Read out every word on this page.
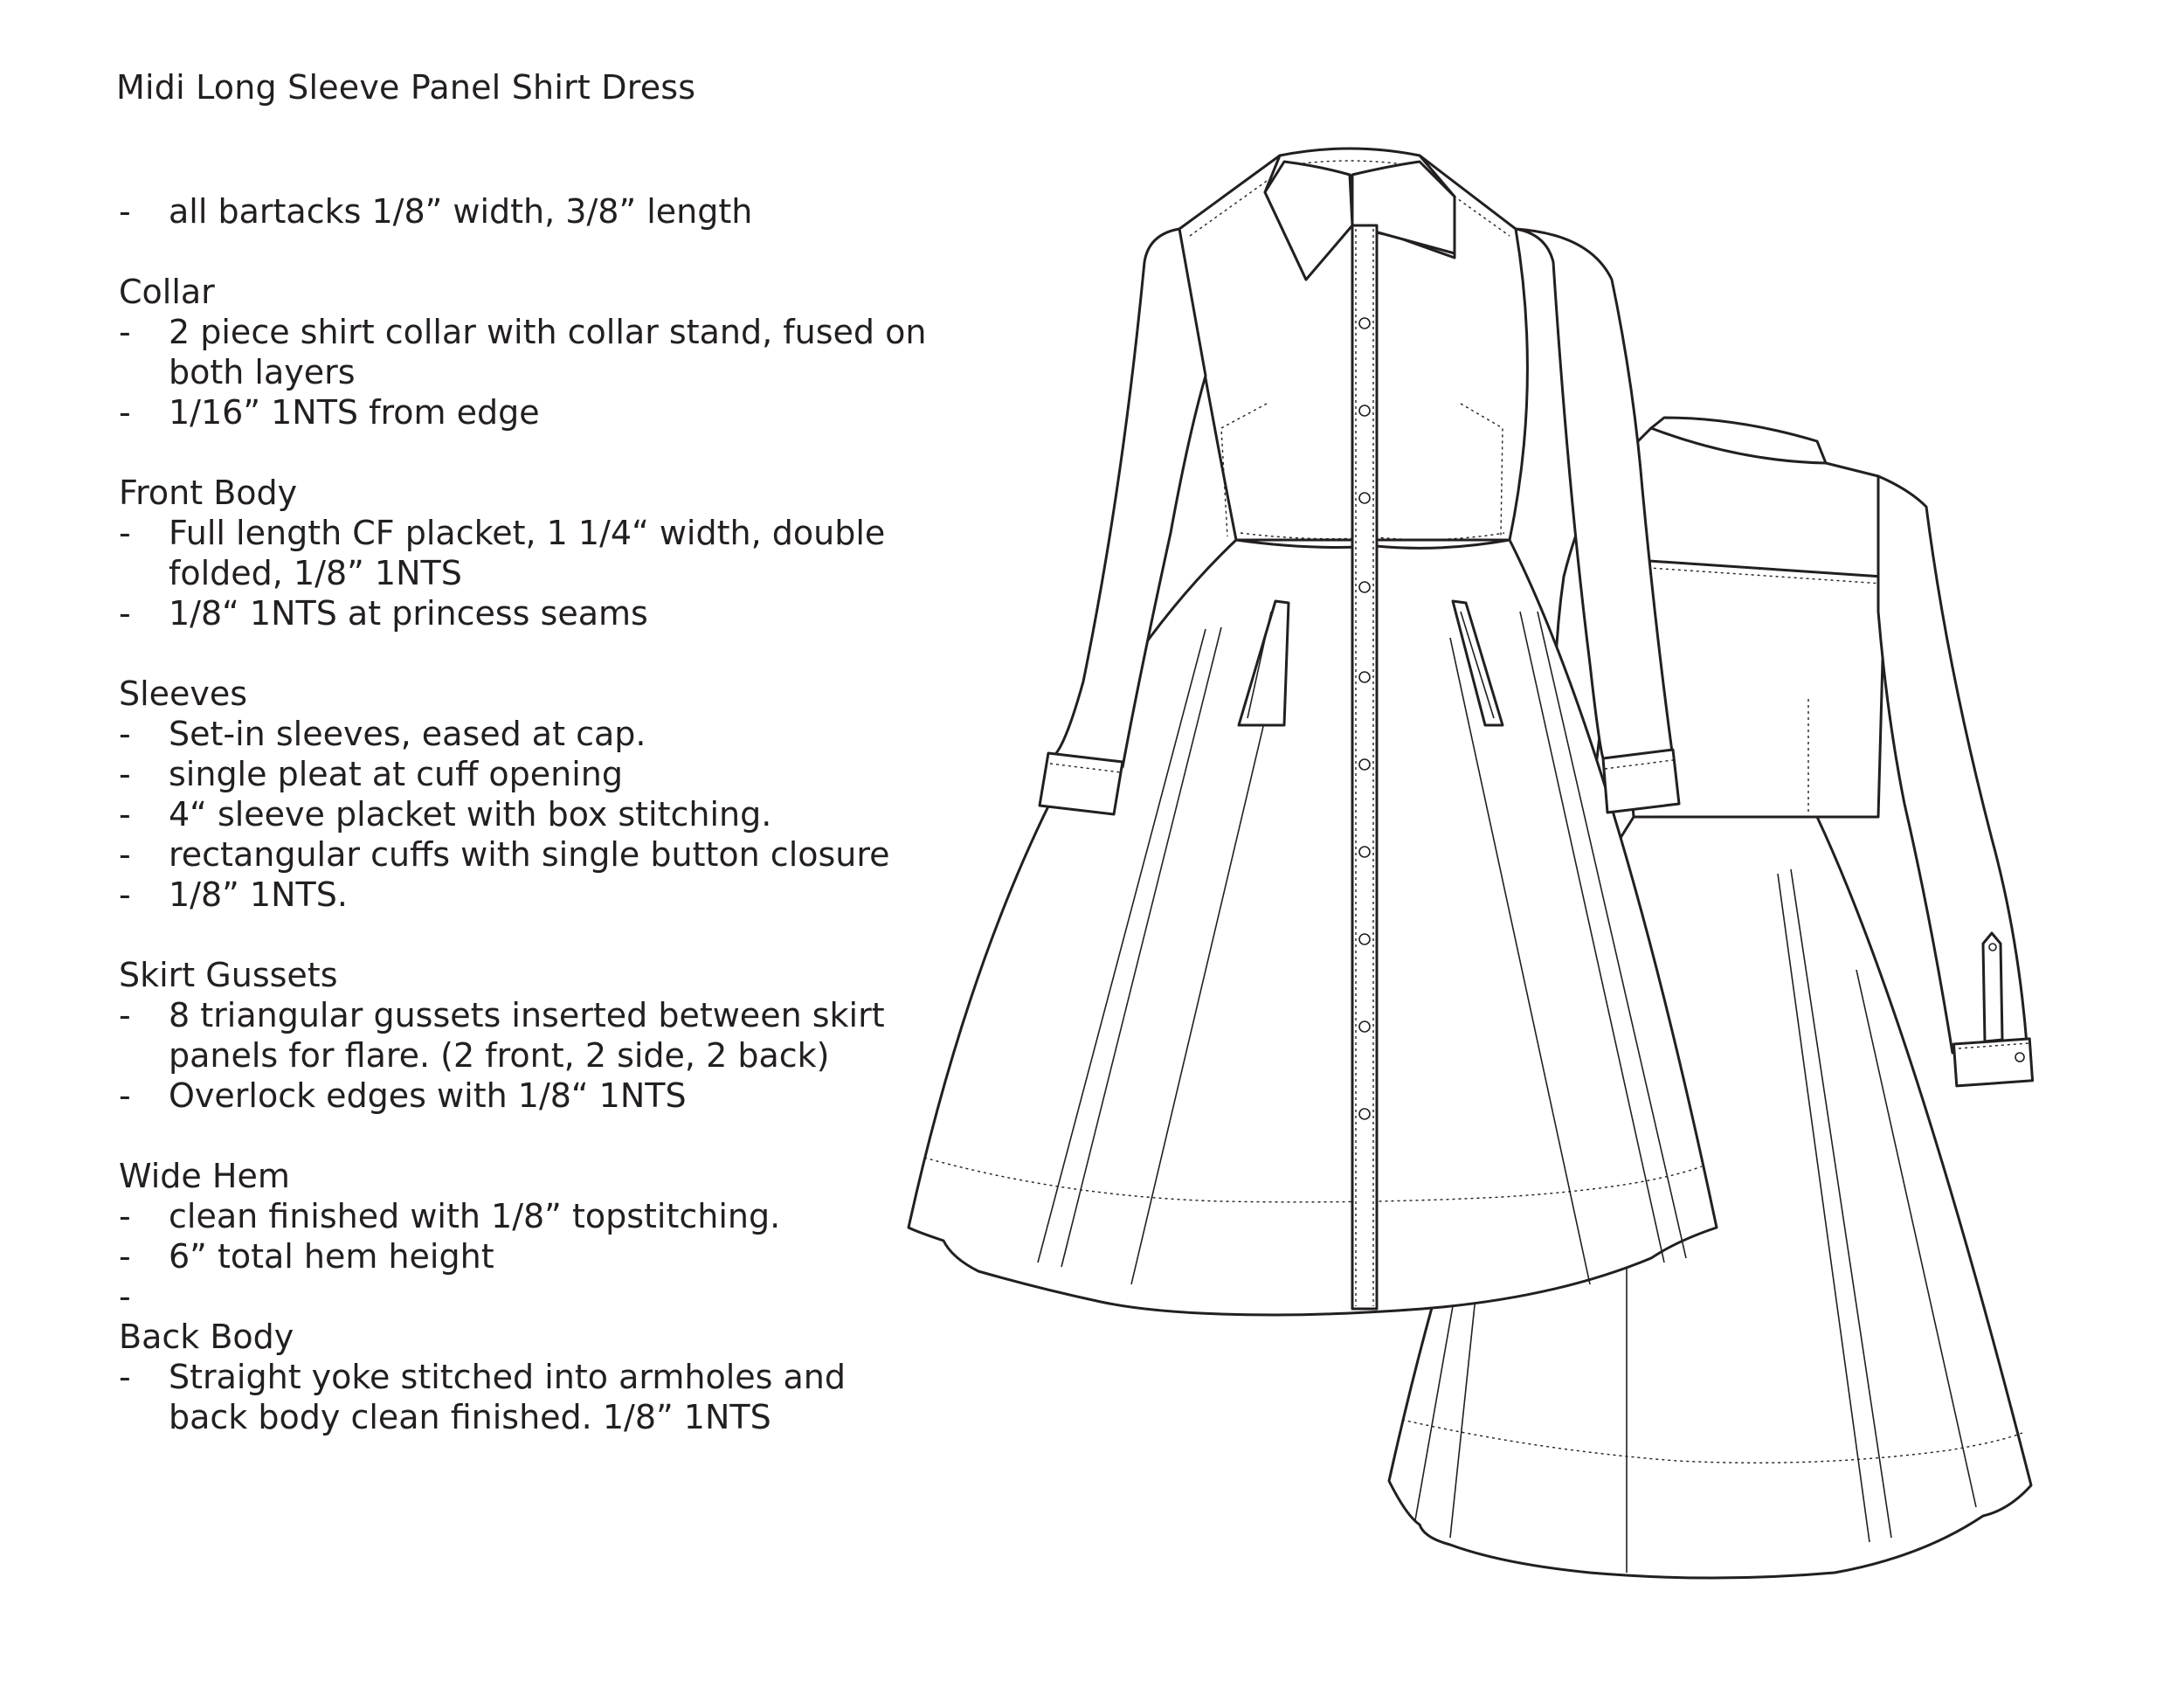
Midi Long Sleeve Panel Shirt Dress
- all bartacks 1/8” width, 3/8” length
Collar
- 2 piece shirt collar with collar stand, fused on
both layers
- 1/16” 1NTS from edge
Front Body
- Full length CF placket, 1 1/4“ width, double
folded, 1/8” 1NTS
- 1/8“ 1NTS at princess seams
Sleeves
- Set-in sleeves, eased at cap.
- single pleat at cuff opening
- 4“ sleeve placket with box stitching.
- rectangular cuffs with single button closure
- 1/8” 1NTS.
Skirt Gussets
- 8 triangular gussets inserted between skirt
panels for flare. (2 front, 2 side, 2 back)
- Overlock edges with 1/8“ 1NTS
Wide Hem
- clean finished with 1/8” topstitching.
- 6” total hem height
-
Back Body
- Straight yoke stitched into armholes and
back body clean finished. 1/8” 1NTS
